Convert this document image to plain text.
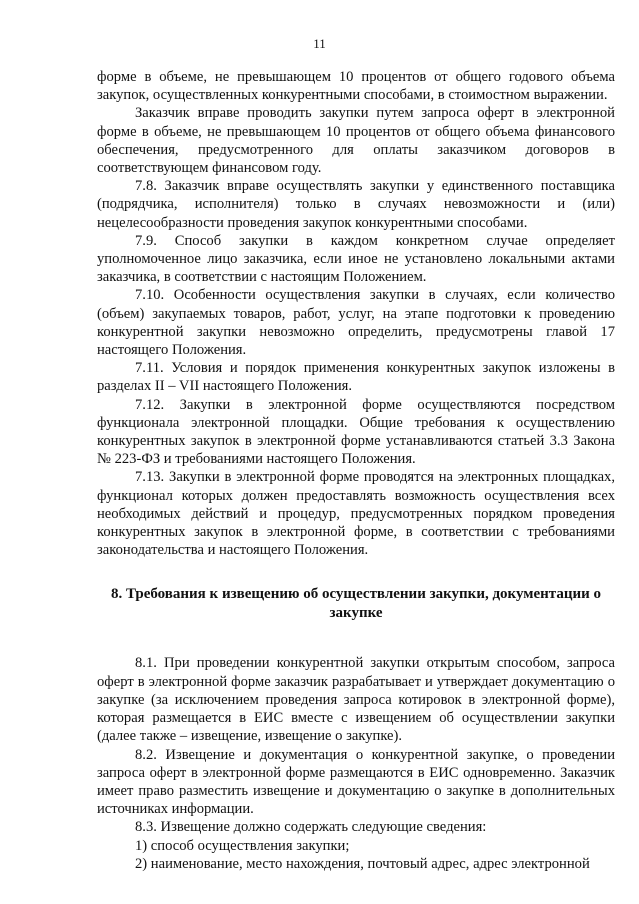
11

форме в объеме, не превышающем 10 процентов от общего годового объема закупок, осуществленных конкурентными способами, в стоимостном выражении.

Заказчик вправе проводить закупки путем запроса оферт в электронной форме в объеме, не превышающем 10 процентов от общего объема финансового обеспечения, предусмотренного для оплаты заказчиком договоров в соответствующем финансовом году.

7.8. Заказчик вправе осуществлять закупки у единственного поставщика (подрядчика, исполнителя) только в случаях невозможности и (или) нецелесообразности проведения закупок конкурентными способами.

7.9. Способ закупки в каждом конкретном случае определяет уполномоченное лицо заказчика, если иное не установлено локальными актами заказчика, в соответствии с настоящим Положением.

7.10. Особенности осуществления закупки в случаях, если количество (объем) закупаемых товаров, работ, услуг, на этапе подготовки к проведению конкурентной закупки невозможно определить, предусмотрены главой 17 настоящего Положения.

7.11. Условия и порядок применения конкурентных закупок изложены в разделах II – VII настоящего Положения.

7.12. Закупки в электронной форме осуществляются посредством функционала электронной площадки. Общие требования к осуществлению конкурентных закупок в электронной форме устанавливаются статьей 3.3 Закона № 223-ФЗ и требованиями настоящего Положения.

7.13. Закупки в электронной форме проводятся на электронных площадках, функционал которых должен предоставлять возможность осуществления всех необходимых действий и процедур, предусмотренных порядком проведения конкурентных закупок в электронной форме, в соответствии с требованиями законодательства и настоящего Положения.

8. Требования к извещению об осуществлении закупки, документации о закупке

8.1. При проведении конкурентной закупки открытым способом, запроса оферт в электронной форме заказчик разрабатывает и утверждает документацию о закупке (за исключением проведения запроса котировок в электронной форме), которая размещается в ЕИС вместе с извещением об осуществлении закупки (далее также – извещение, извещение о закупке).

8.2. Извещение и документация о конкурентной закупке, о проведении запроса оферт в электронной форме размещаются в ЕИС одновременно. Заказчик имеет право разместить извещение и документацию о закупке в дополнительных источниках информации.

8.3. Извещение должно содержать следующие сведения:

1) способ осуществления закупки;

2) наименование, место нахождения, почтовый адрес, адрес электронной
